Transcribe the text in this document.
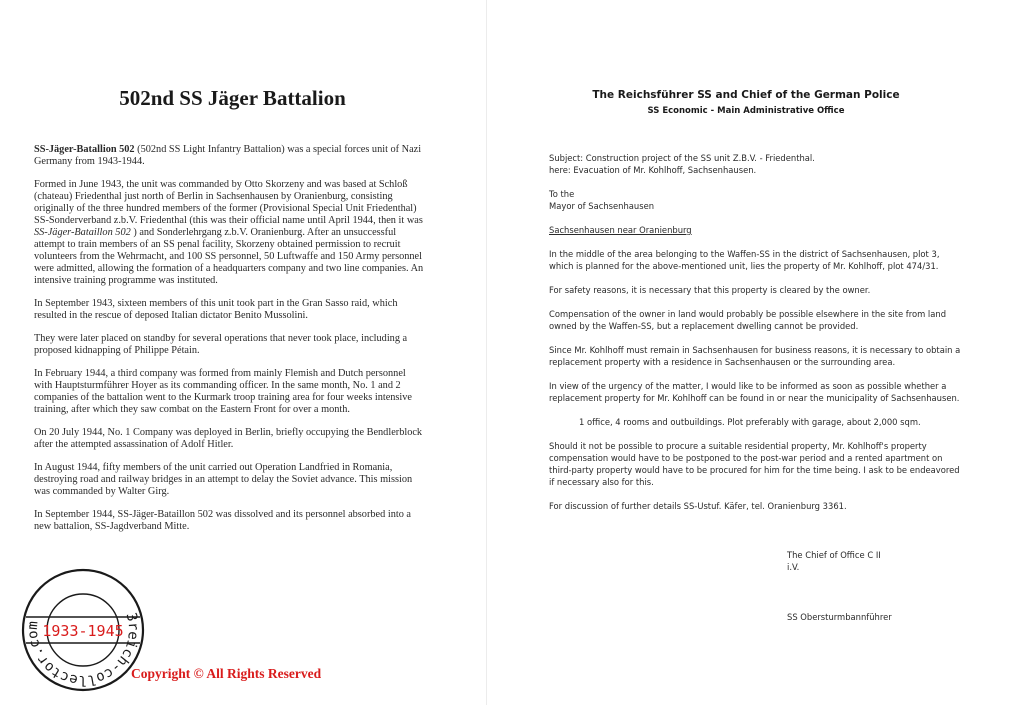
502nd SS Jäger Battalion

SS-Jäger-Batallion 502 (502nd SS Light Infantry Battalion) was a special forces unit of Nazi Germany from 1943-1944.

Formed in June 1943, the unit was commanded by Otto Skorzeny and was based at Schloß (chateau) Friedenthal just north of Berlin in Sachsenhausen by Oranienburg, consisting originally of the three hundred members of the former (Provisional Special Unit Friedenthal) SS-Sonderverband z.b.V. Friedenthal (this was their official name until April 1944, then it was SS-Jäger-Bataillon 502 ) and Sonderlehrgang z.b.V. Oranienburg. After an unsuccessful attempt to train members of an SS penal facility, Skorzeny obtained permission to recruit volunteers from the Wehrmacht, and 100 SS personnel, 50 Luftwaffe and 150 Army personnel were admitted, allowing the formation of a headquarters company and two line companies. An intensive training programme was instituted.

In September 1943, sixteen members of this unit took part in the Gran Sasso raid, which resulted in the rescue of deposed Italian dictator Benito Mussolini.

They were later placed on standby for several operations that never took place, including a proposed kidnapping of Philippe Pétain.

In February 1944, a third company was formed from mainly Flemish and Dutch personnel with Hauptsturmführer Hoyer as its commanding officer. In the same month, No. 1 and 2 companies of the battalion went to the Kurmark troop training area for four weeks intensive training, after which they saw combat on the Eastern Front for over a month.

On 20 July 1944, No. 1 Company was deployed in Berlin, briefly occupying the Bendlerblock after the attempted assassination of Adolf Hitler.

In August 1944, fifty members of the unit carried out Operation Landfried in Romania, destroying road and railway bridges in an attempt to delay the Soviet advance. This mission was commanded by Walter Girg.

In September 1944, SS-Jäger-Bataillon 502 was dissolved and its personnel absorbed into a new battalion, SS-Jagdverband Mitte.

3reich-collector.com 1933-1945
Copyright © All Rights Reserved
The Reichsführer SS and Chief of the German Police
SS Economic - Main Administrative Office

Subject: Construction project of the SS unit Z.B.V. - Friedenthal.
here: Evacuation of Mr. Kohlhoff, Sachsenhausen.

To the
Mayor of Sachsenhausen

Sachsenhausen near Oranienburg

In the middle of the area belonging to the Waffen-SS in the district of Sachsenhausen, plot 3, which is planned for the above-mentioned unit, lies the property of Mr. Kohlhoff, plot 474/31.

For safety reasons, it is necessary that this property is cleared by the owner.

Compensation of the owner in land would probably be possible elsewhere in the site from land owned by the Waffen-SS, but a replacement dwelling cannot be provided.

Since Mr. Kohlhoff must remain in Sachsenhausen for business reasons, it is necessary to obtain a replacement property with a residence in Sachsenhausen or the surrounding area.

In view of the urgency of the matter, I would like to be informed as soon as possible whether a replacement property for Mr. Kohlhoff can be found in or near the municipality of Sachsenhausen.

1 office, 4 rooms and outbuildings. Plot preferably with garage, about 2,000 sqm.

Should it not be possible to procure a suitable residential property, Mr. Kohlhoff's property compensation would have to be postponed to the post-war period and a rented apartment on third-party property would have to be procured for him for the time being. I ask to be endeavored if necessary also for this.

For discussion of further details SS-Ustuf. Käfer, tel. Oranienburg 3361.

The Chief of Office C II
i.V.
SS Obersturmbannführer
